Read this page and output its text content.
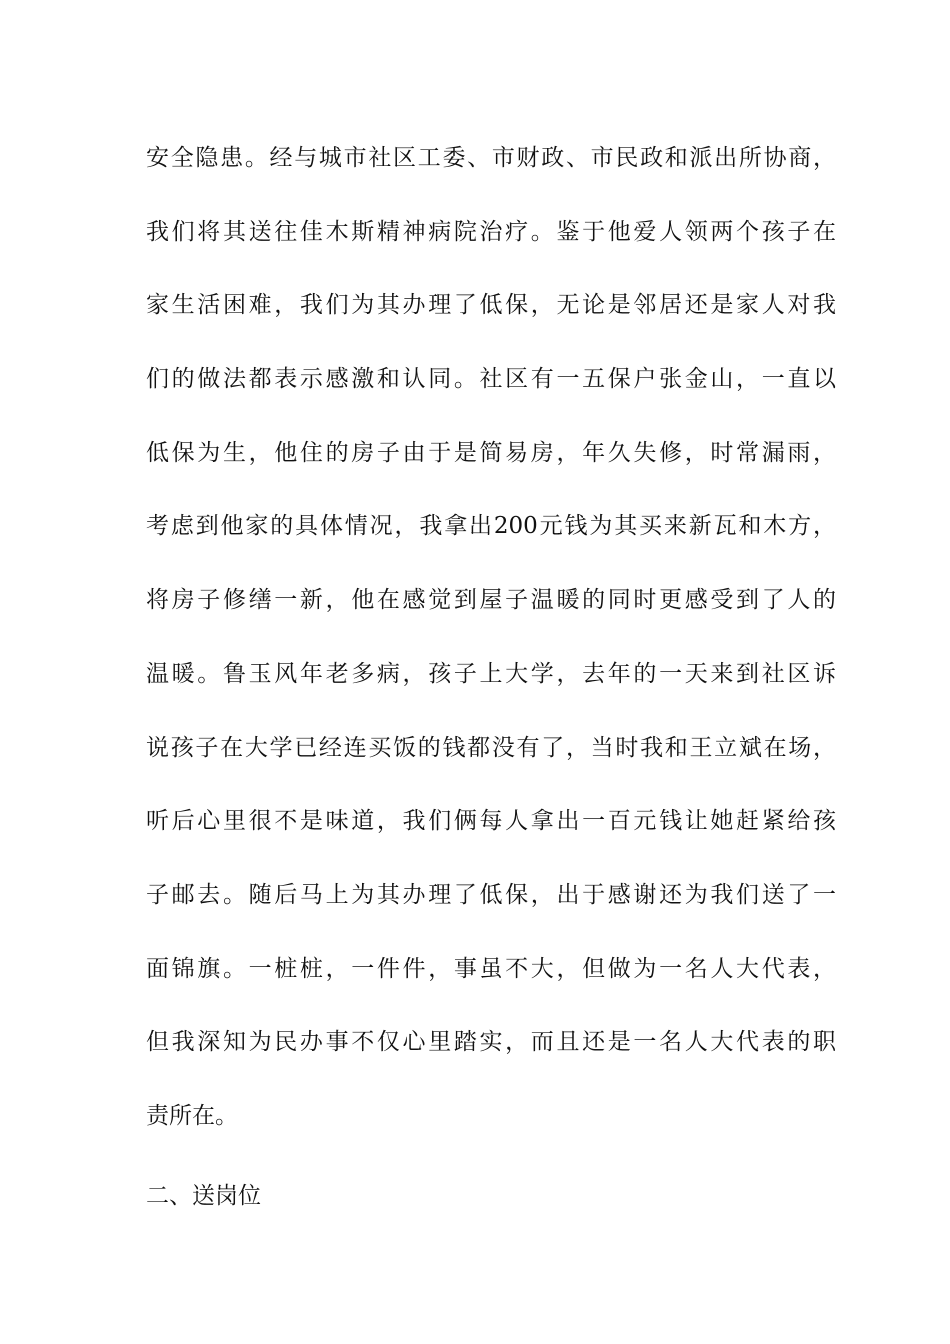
安全隐患。经与城市社区工委、市财政、市民政和派出所协商，
我们将其送往佳木斯精神病院治疗。鉴于他爱人领两个孩子在
家生活困难，我们为其办理了低保，无论是邻居还是家人对我
们的做法都表示感激和认同。社区有一五保户张金山，一直以
低保为生，他住的房子由于是简易房，年久失修，时常漏雨，
考虑到他家的具体情况，我拿出200元钱为其买来新瓦和木方，
将房子修缮一新，他在感觉到屋子温暖的同时更感受到了人的
温暖。鲁玉风年老多病，孩子上大学，去年的一天来到社区诉
说孩子在大学已经连买饭的钱都没有了，当时我和王立斌在场，
听后心里很不是味道，我们俩每人拿出一百元钱让她赶紧给孩
子邮去。随后马上为其办理了低保，出于感谢还为我们送了一
面锦旗。一桩桩，一件件，事虽不大，但做为一名人大代表，
但我深知为民办事不仅心里踏实，而且还是一名人大代表的职
责所在。
二、送岗位
